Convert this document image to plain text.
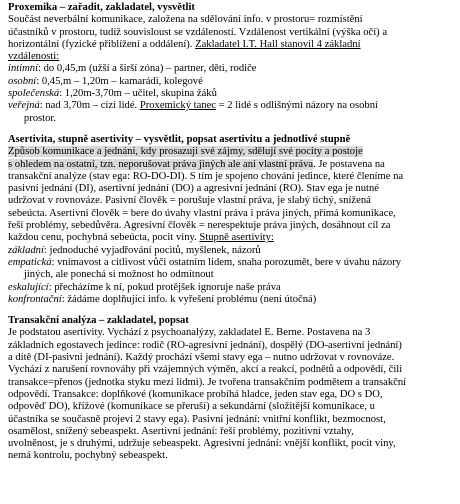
Proxemika – zařadit, zakladatel, vysvětlit
Součást neverbální komunikace, založena na sdělování info. v prostoru= rozmístění
účastníků v prostoru, tudíž souvisloust se vzdáleností. Vzdálenost vertikální (výška očí) a
horizontální (fyzické přiblížení a oddálení). Zakladatel I.T. Hall stanovil 4 základní
vzdálenosti:
intimní: do 0,45,m (užší a širší zóna) – partner, děti, rodiče
osobní: 0,45,m – 1,20m – kamarádi, kolegové
společenská: 1,20m-3,70m – učitel, skupina žáků
veřejná: nad 3,70m – cizí lidé. Proxemický tanec = 2 lidé s odlišnými názory na osobní
prostor.
Asertivita, stupně asertivity – vysvětlit, popsat asertivitu a jednotlivé stupně
Způsob komunikace a jednání, kdy prosazuji své zájmy, sdělují své pocity a postoje
s ohledem na ostatní, tzn. neporušovat práva jiných ale ani vlastní práva. Je postavena na
transakční analýze (stav ega: RO-DO-DI). S tím je spojeno chování jedince, které členíme na
pasivní jednání (DI), asertivní jednání (DO) a agresivní jednání (RO). Stav ega je nutné
udržovat v rovnováze. Pasivní člověk = porušuje vlastní práva, je slabý tichý, snížená
sebeúcta. Asertivní člověk = bere do úvahy vlastní práva i práva jiných, přímá komunikace,
řeší problémy, sebedůvěra. Agresivní člověk = nerespektuje práva jiných, dosáhnout cíl za
každou cenu, pochybná sebeúcta, pocit viny. Stupně asertivity:
základní: jednoduché vyjadřování pocitů, myšlenek, názorů
empatická: vnímavost a citlivost vůči ostatním lidem, snaha porozumět, bere v úvahu názory
jiných, ale ponechá si možnost ho odmítnout
eskalující: přecházíme k ní, pokud protějšek ignoruje naše práva
konfrontační: žádáme doplňující info. k vyřešení problému (není útočná)
Transakční analýza – zakladatel, popsat
Je podstatou asertivity. Vychází z psychoanalýzy, zakladatel E. Berne. Postavena na 3
základních egostavech jedince: rodič (RO-agresivní jednání), dospělý (DO-asertivní jednání)
a dítě (DI-pasivní jednání). Každý prochází všemi stavy ega – nutno udržovat v rovnováze.
Vychází z narušení rovnováhy při vzájemných výměn, akcí a reakcí, podnětů a odpovědí, čili
transakce=přenos (jednotka styku mezi lidmi). Je tvořena transakčním podmětem a transakční
odpovědí. Transakce: doplňkové (komunikace probíhá hladce, jeden stav ega, DO s DO,
odpověď DO), křížové (komunikace se přeruší) a sekundární (složitější komunikace, u
účastníka se současně projeví 2 stavy ega). Pasivní jednání: vnitřní konflikt, bezmocnost,
osamělost, snížený sebeaspekt. Asertivní jednání: řeší problémy, pozitivní vztahy,
uvolněnost, je s druhými, udržuje sebeaspekt. Agresivní jednání: vnější konflikt, pocit viny,
nemá kontrolu, pochybný sebeaspekt.
